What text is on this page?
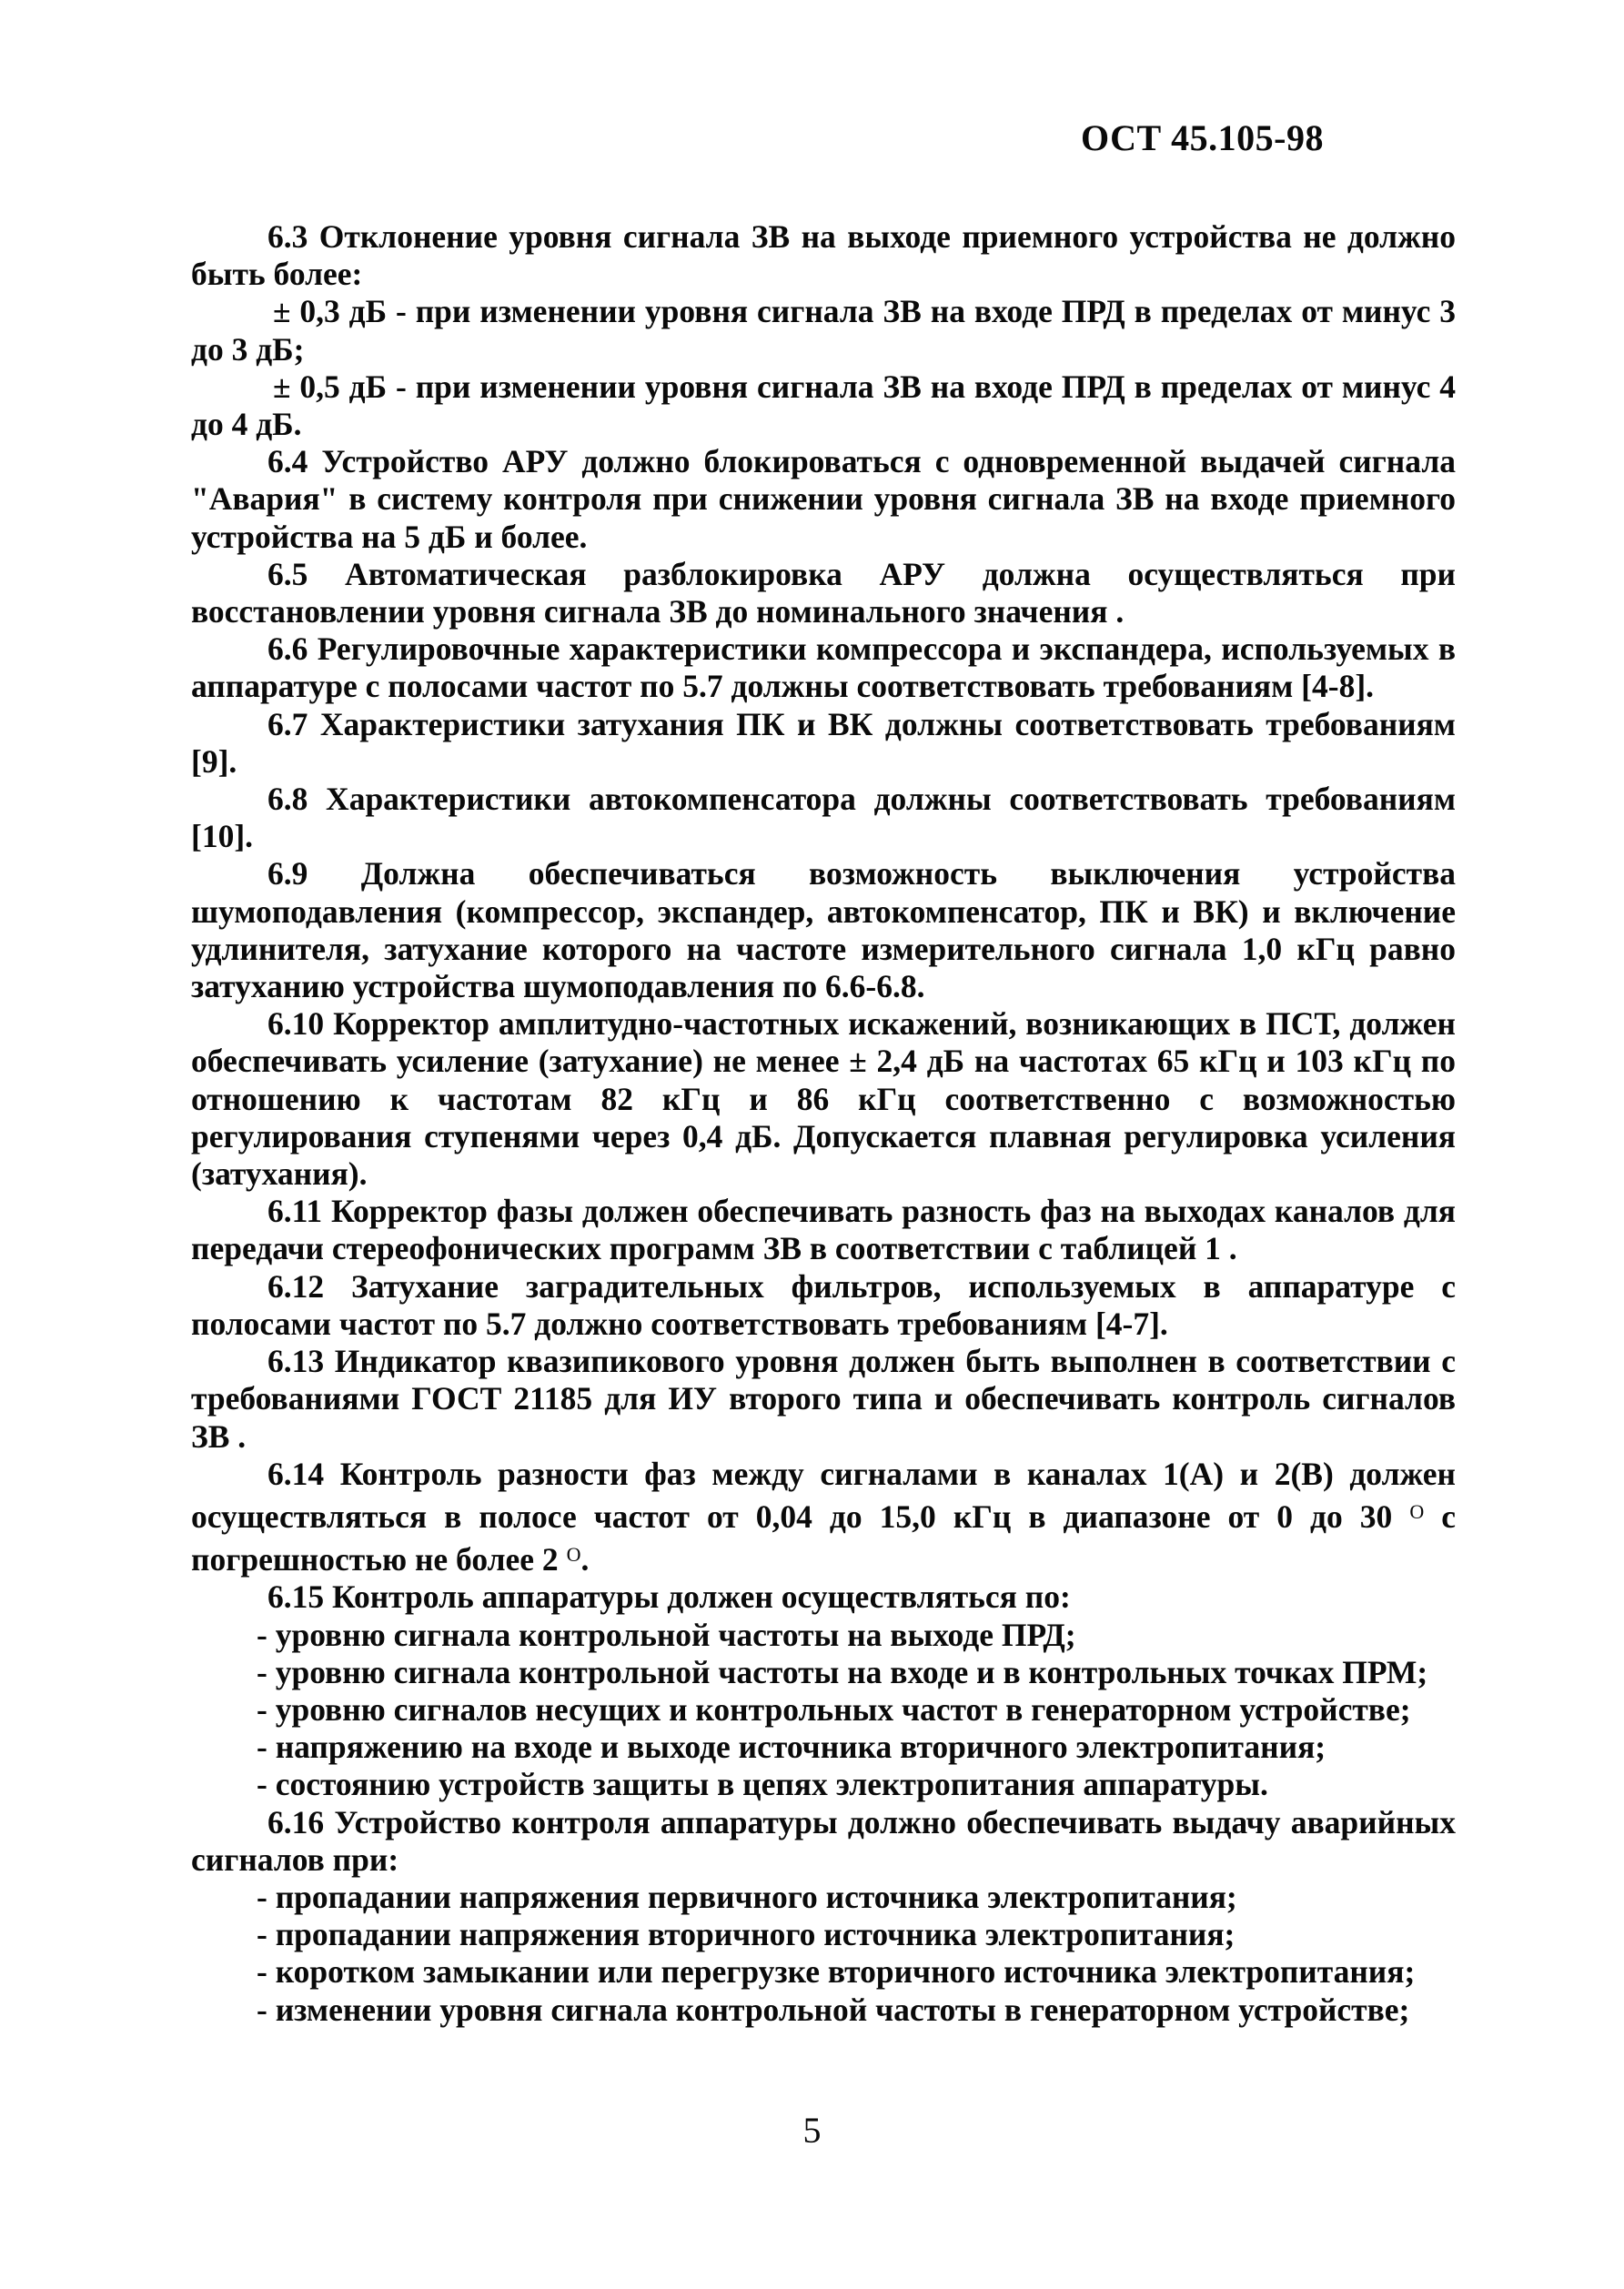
ОСТ 45.105-98

6.3 Отклонение уровня сигнала ЗВ на выходе приемного устройства не должно быть более:

± 0,3 дБ - при изменении уровня сигнала ЗВ на входе ПРД в пределах от минус 3 до 3 дБ;

± 0,5 дБ - при изменении уровня сигнала ЗВ на входе ПРД в пределах от минус 4 до 4 дБ.

6.4 Устройство АРУ должно блокироваться с одновременной выдачей сигнала "Авария" в систему контроля при снижении уровня сигнала ЗВ на входе приемного устройства на 5 дБ и более.

6.5 Автоматическая разблокировка АРУ должна осуществляться при восстановлении уровня сигнала ЗВ до номинального значения .

6.6 Регулировочные характеристики компрессора и экспандера, используемых в аппаратуре с полосами частот по 5.7 должны соответствовать требованиям [4-8].

6.7 Характеристики затухания ПК и ВК должны соответствовать требованиям [9].

6.8 Характеристики автокомпенсатора должны соответствовать требованиям [10].

6.9 Должна обеспечиваться возможность выключения устройства шумоподавления (компрессор, экспандер, автокомпенсатор, ПК и ВК) и включение удлинителя, затухание которого на частоте измерительного сигнала 1,0 кГц равно затуханию устройства шумоподавления по 6.6-6.8.

6.10 Корректор амплитудно-частотных искажений, возникающих в ПСТ, должен обеспечивать усиление (затухание) не менее ± 2,4 дБ на частотах 65 кГц и 103 кГц по отношению к частотам 82 кГц и 86 кГц соответственно с возможностью регулирования ступенями через 0,4 дБ. Допускается плавная регулировка усиления (затухания).

6.11 Корректор фазы должен обеспечивать разность фаз на выходах каналов для передачи стереофонических программ ЗВ в соответствии с таблицей 1 .

6.12 Затухание заградительных фильтров, используемых в аппаратуре с полосами частот по 5.7 должно соответствовать требованиям [4-7].

6.13 Индикатор квазипикового уровня должен быть выполнен в соответствии с требованиями ГОСТ 21185 для ИУ второго типа и обеспечивать контроль сигналов ЗВ .

6.14 Контроль разности фаз между сигналами в каналах 1(А) и 2(В) должен осуществляться в полосе частот от 0,04 до 15,0 кГц в диапазоне от 0 до 30 $^О$ с погрешностью не более 2 $^О$.

6.15 Контроль аппаратуры должен осуществляться по:

- уровню сигнала контрольной частоты на выходе ПРД;
- уровню сигнала контрольной частоты на входе и в контрольных точках ПРМ;
- уровню сигналов несущих и контрольных частот в генераторном устройстве;
- напряжению на входе и выходе источника вторичного электропитания;
- состоянию устройств защиты в цепях электропитания аппаратуры.

6.16 Устройство контроля аппаратуры должно обеспечивать выдачу аварийных сигналов при:

- пропадании напряжения первичного источника электропитания;
- пропадании напряжения вторичного источника электропитания;
- коротком замыкании или перегрузке вторичного источника электропитания;
- изменении уровня сигнала контрольной частоты в генераторном устройстве;
5
